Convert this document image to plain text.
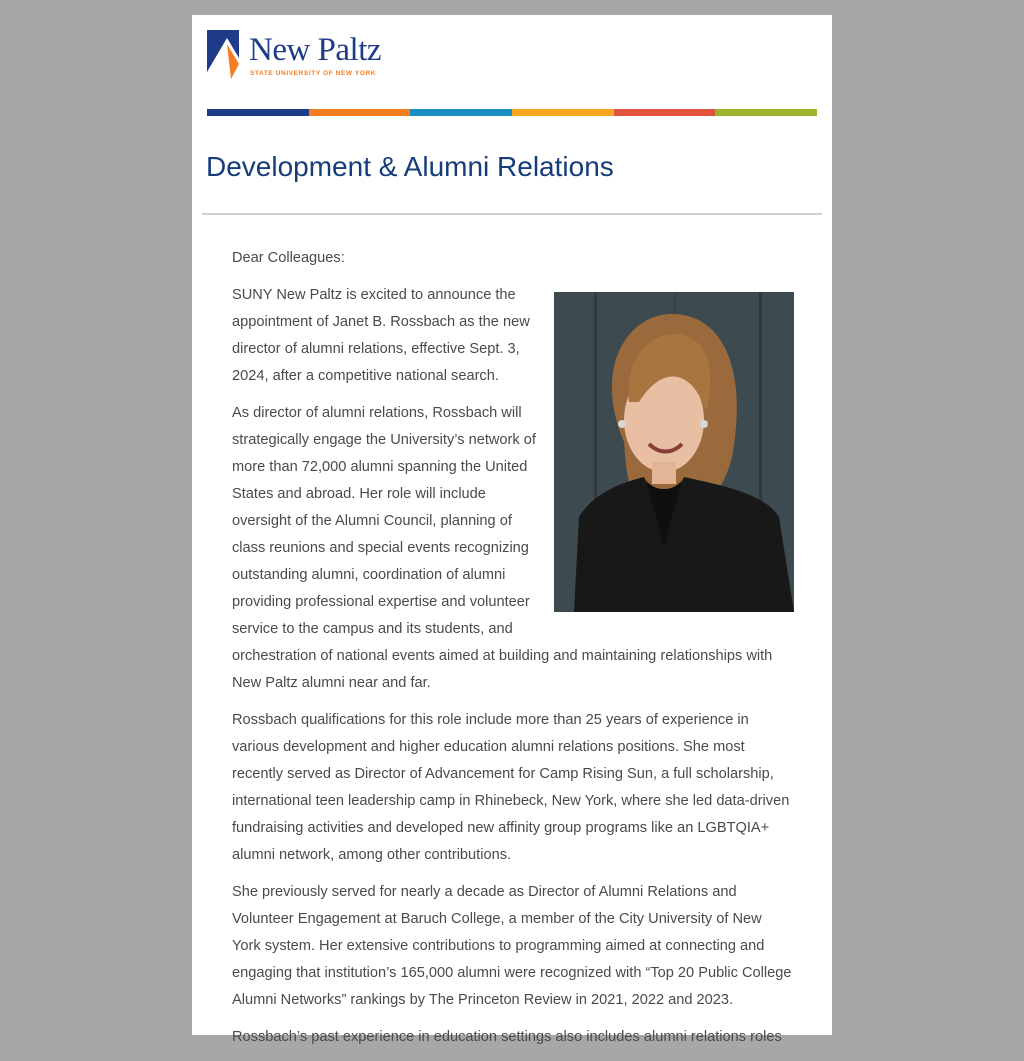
New Paltz
STATE UNIVERSITY OF NEW YORK
Development & Alumni Relations

Dear Colleagues:

SUNY New Paltz is excited to announce the appointment of Janet B. Rossbach as the new director of alumni relations, effective Sept. 3, 2024, after a competitive national search.

As director of alumni relations, Rossbach will strategically engage the University’s network of more than 72,000 alumni spanning the United States and abroad. Her role will include oversight of the Alumni Council, planning of class reunions and special events recognizing outstanding alumni, coordination of alumni providing professional expertise and volunteer service to the campus and its students, and orchestration of national events aimed at building and maintaining relationships with New Paltz alumni near and far.

Rossbach qualifications for this role include more than 25 years of experience in various development and higher education alumni relations positions. She most recently served as Director of Advancement for Camp Rising Sun, a full scholarship, international teen leadership camp in Rhinebeck, New York, where she led data-driven fundraising activities and developed new affinity group programs like an LGBTQIA+ alumni network, among other contributions.

She previously served for nearly a decade as Director of Alumni Relations and Volunteer Engagement at Baruch College, a member of the City University of New York system. Her extensive contributions to programming aimed at connecting and engaging that institution’s 165,000 alumni were recognized with “Top 20 Public College Alumni Networks” rankings by The Princeton Review in 2021, 2022 and 2023.

Rossbach’s past experience in education settings also includes alumni relations roles
